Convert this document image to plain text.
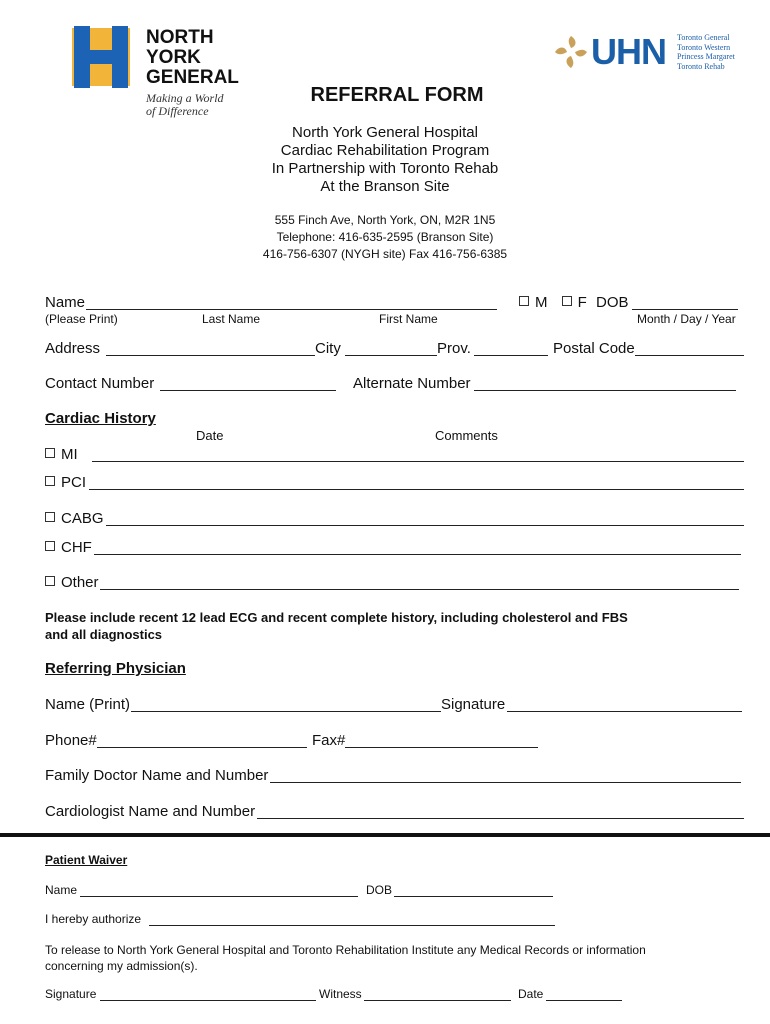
NORTH
YORK
GENERAL
Making a World
of Difference
UHN Toronto General
Toronto Western
Princess Margaret
Toronto Rehab
REFERRAL FORM
North York General Hospital
Cardiac Rehabilitation Program
In Partnership with Toronto Rehab
At the Branson Site
555 Finch Ave, North York, ON, M2R 1N5
Telephone: 416-635-2595 (Branson Site)
416-756-6307 (NYGH site) Fax 416-756-6385
Name	M F DOB
(Please Print)	Last Name	First Name	Month / Day / Year
Address	City	Prov.	Postal Code
Contact Number	Alternate Number
Cardiac History
Date	Comments
MI
PCI
CABG
CHF
Other
Please include recent 12 lead ECG and recent complete history, including cholesterol and FBS
and all diagnostics
Referring Physician
Name (Print)	Signature
Phone#	Fax#
Family Doctor Name and Number
Cardiologist Name and Number
Patient Waiver
Name	DOB
I hereby authorize
To release to North York General Hospital and Toronto Rehabilitation Institute any Medical Records or information
concerning my admission(s).
Signature	Witness	Date
